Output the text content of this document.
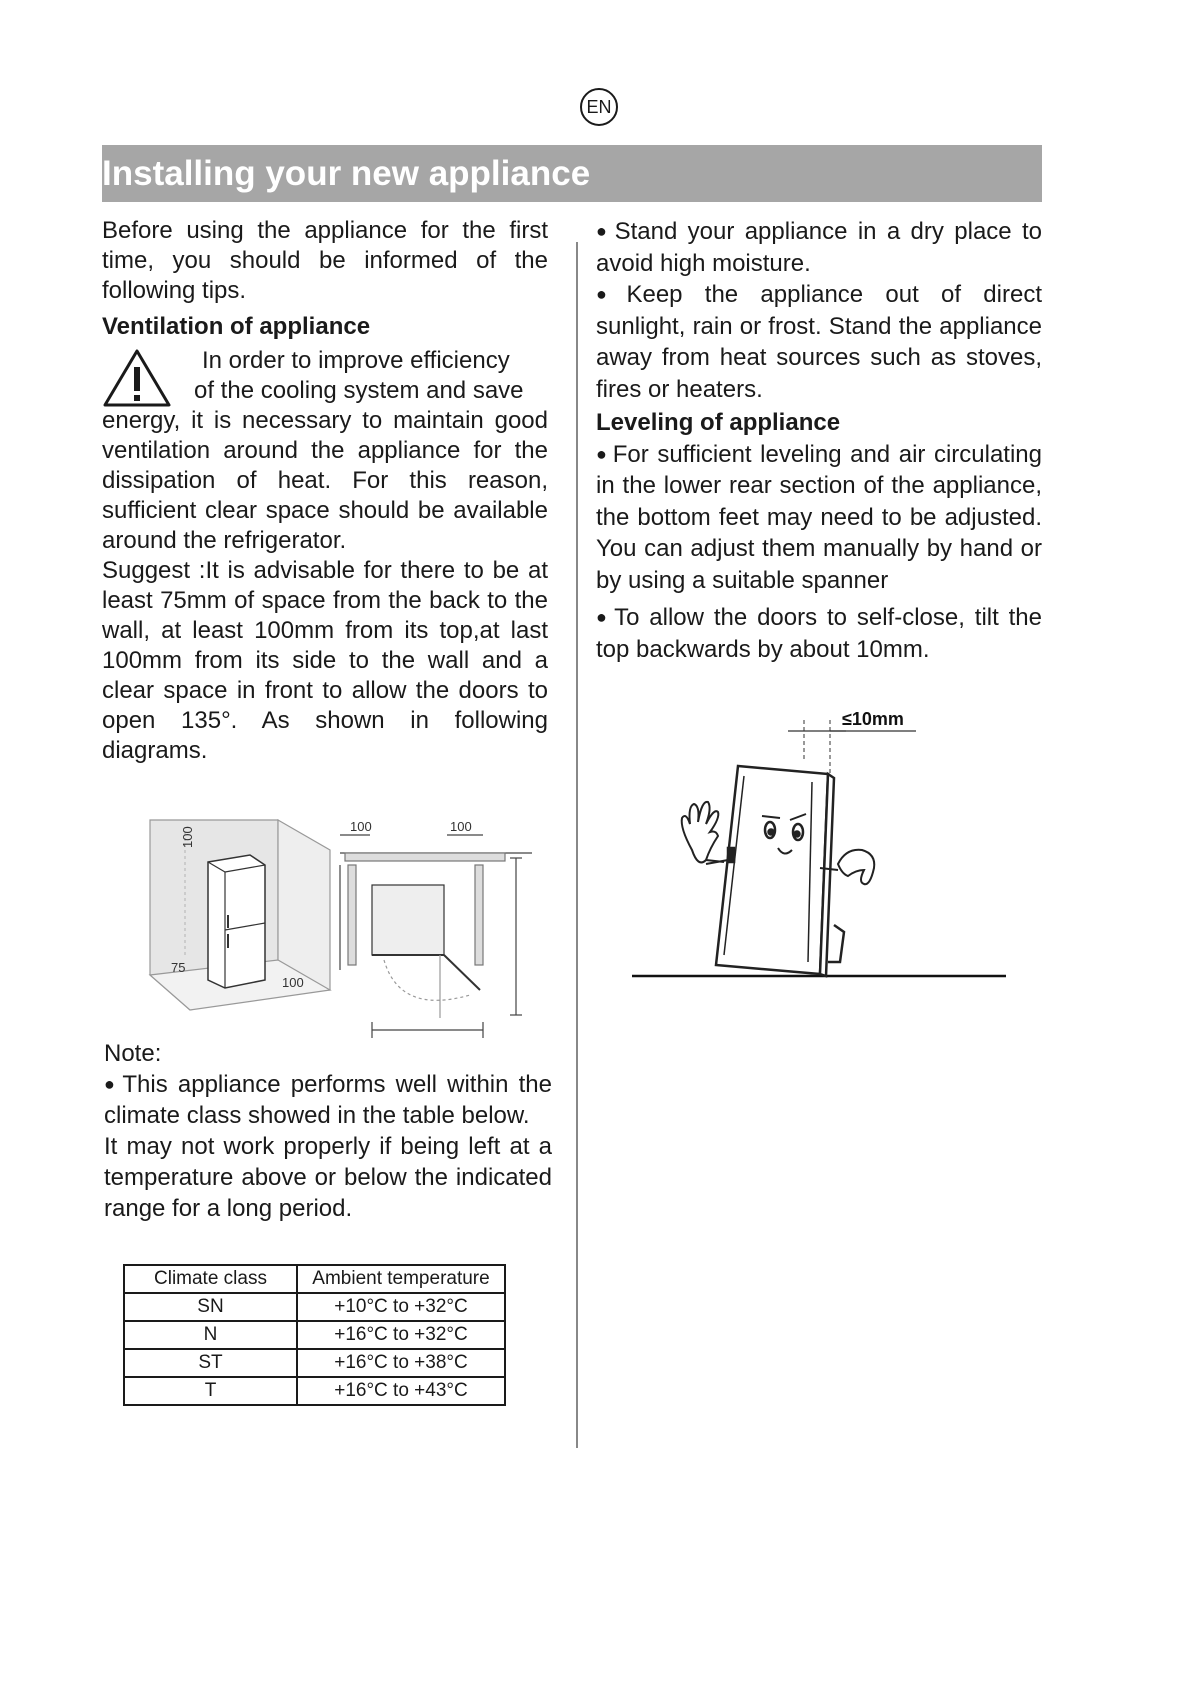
EN
Installing your new appliance

Before using the appliance for the first time, you should be informed of the following tips.

Ventilation of appliance

In order to improve efficiency

of the cooling system and save

energy, it is necessary to maintain good ventilation around the appliance for the dissipation of heat. For this reason, sufficient clear space should be available around the refrigerator.

Suggest :It is advisable for there to be at least 75mm of space from the back to the wall, at least 100mm from its top,at last 100mm from its side to the wall and a clear space in front to allow the doors to open 135°. As shown in following diagrams.

100
75
100
100	100

Note:

● This appliance performs well within the climate class showed in the table below.

It may not work properly if being left at a temperature above or below the indicated range for a long period.

Climate class	Ambient temperature
SN	+10°C to +32°C
N	+16°C to +32°C
ST	+16°C to +38°C
T	+16°C to +43°C

● Stand your appliance in a dry place to avoid high moisture.

● Keep the appliance out of direct sunlight, rain or frost. Stand the appliance away from heat sources such as stoves, fires or heaters.

Leveling of appliance

● For sufficient leveling and air circulating in the lower rear section of the appliance, the bottom feet may need to be adjusted. You can adjust them manually by hand or by using a suitable spanner

● To allow the doors to self-close, tilt the top backwards by about 10mm.

≤10mm
